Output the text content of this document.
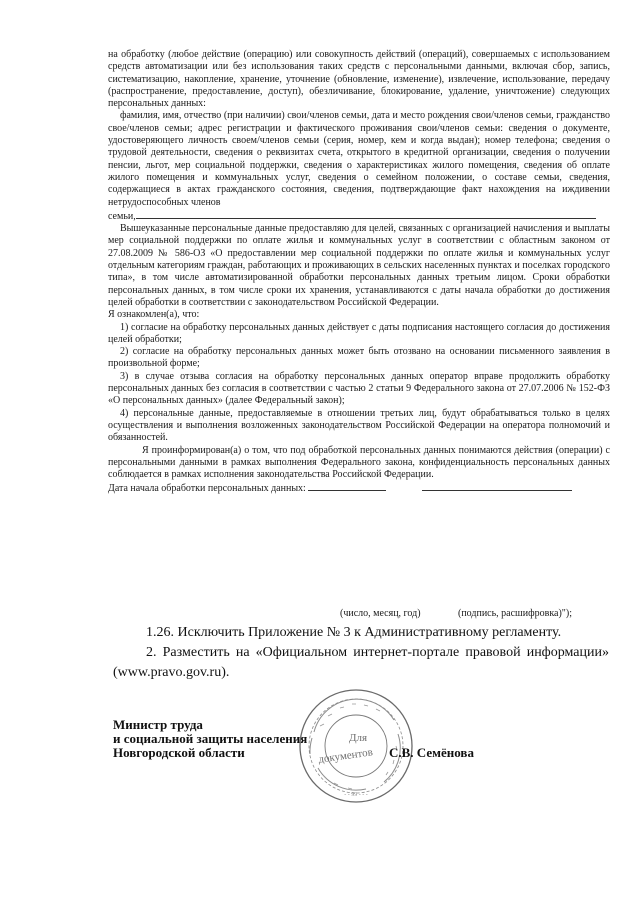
на обработку (любое действие (операцию) или совокупность действий (операций), совершаемых с использованием средств автоматизации или без использования таких средств с персональными данными, включая сбор, запись, систематизацию, накопление, хранение, уточнение (обновление, изменение), извлечение, использование, передачу (распространение, предоставление, доступ), обезличивание, блокирование, удаление, уничтожение) следующих персональных данных:

фамилия, имя, отчество (при наличии) свои/членов семьи, дата и место рождения свои/членов семьи, гражданство свое/членов семьи; адрес регистрации и фактического проживания свои/членов семьи: сведения о документе, удостоверяющего личность своем/членов семьи (серия, номер, кем и когда выдан); номер телефона; сведения о трудовой деятельности, сведения о реквизитах счета, открытого в кредитной организации, сведения о получении пенсии, льгот, мер социальной поддержки, сведения о характеристиках жилого помещения, сведения об оплате жилого помещения и коммунальных услуг, сведения о семейном положении, о составе семьи, сведения, содержащиеся в актах гражданского состояния, сведения, подтверждающие факт нахождения на иждивении нетрудоспособных членов

семьи,

Вышеуказанные персональные данные предоставляю для целей, связанных с организацией начисления и выплаты мер социальной поддержки по оплате жилья и коммунальных услуг в соответствии с областным законом от 27.08.2009 № 586-ОЗ «О предоставлении мер социальной поддержки по оплате жилья и коммунальных услуг отдельным категориям граждан, работающих и проживающих в сельских населенных пунктах и поселках городского типа», в том числе автоматизированной обработки персональных данных третьим лицом. Сроки обработки персональных данных, в том числе сроки их хранения, устанавливаются с даты начала обработки до достижения целей обработки в соответствии с законодательством Российской Федерации.

Я ознакомлен(а), что:

1) согласие на обработку персональных данных действует с даты подписания настоящего согласия до достижения целей обработки;

2) согласие на обработку персональных данных может быть отозвано на основании письменного заявления в произвольной форме;

3) в случае отзыва согласия на обработку персональных данных оператор вправе продолжить обработку персональных данных без согласия в соответствии с частью 2 статьи 9 Федерального закона от 27.07.2006 № 152-ФЗ «О персональных данных» (далее Федеральный закон);

4) персональные данные, предоставляемые в отношении третьих лиц, будут обрабатываться только в целях осуществления и выполнения возложенных законодательством Российской Федерации на оператора полномочий и обязанностей.

Я проинформирован(а) о том, что под обработкой персональных данных понимаются действия (операции) с персональными данными в рамках выполнения Федерального закона, конфиденциальность персональных данных соблюдается в рамках исполнения законодательства Российской Федерации.

Дата начала обработки персональных данных:

(число, месяц, год)	(подпись, расшифровка)");
1.26. Исключить Приложение № 3 к Административному регламенту.
2. Разместить на «Официальном интернет-портале правовой информации» (www.pravo.gov.ru).
Министр труда
и социальной защиты населения
Новгородской области
Для
документов
- - 99 - - -
С.В. Семёнова
